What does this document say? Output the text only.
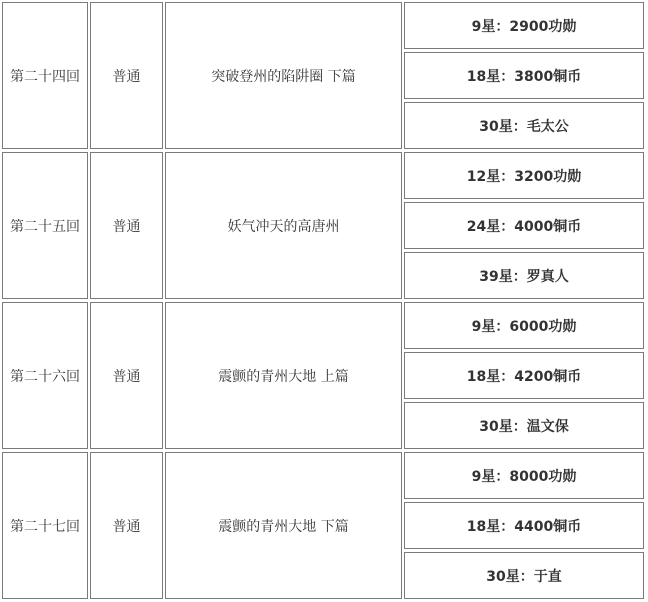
第二十四回	普通	突破登州的陷阱圈 下篇
9星：2900功勋
18星：3800铜币
30星：毛太公
第二十五回	普通	妖气冲天的高唐州
12星：3200功勋
24星：4000铜币
39星：罗真人
第二十六回	普通	震颤的青州大地 上篇
9星：6000功勋
18星：4200铜币
30星：温文保
第二十七回	普通	震颤的青州大地 下篇
9星：8000功勋
18星：4400铜币
30星：于直
